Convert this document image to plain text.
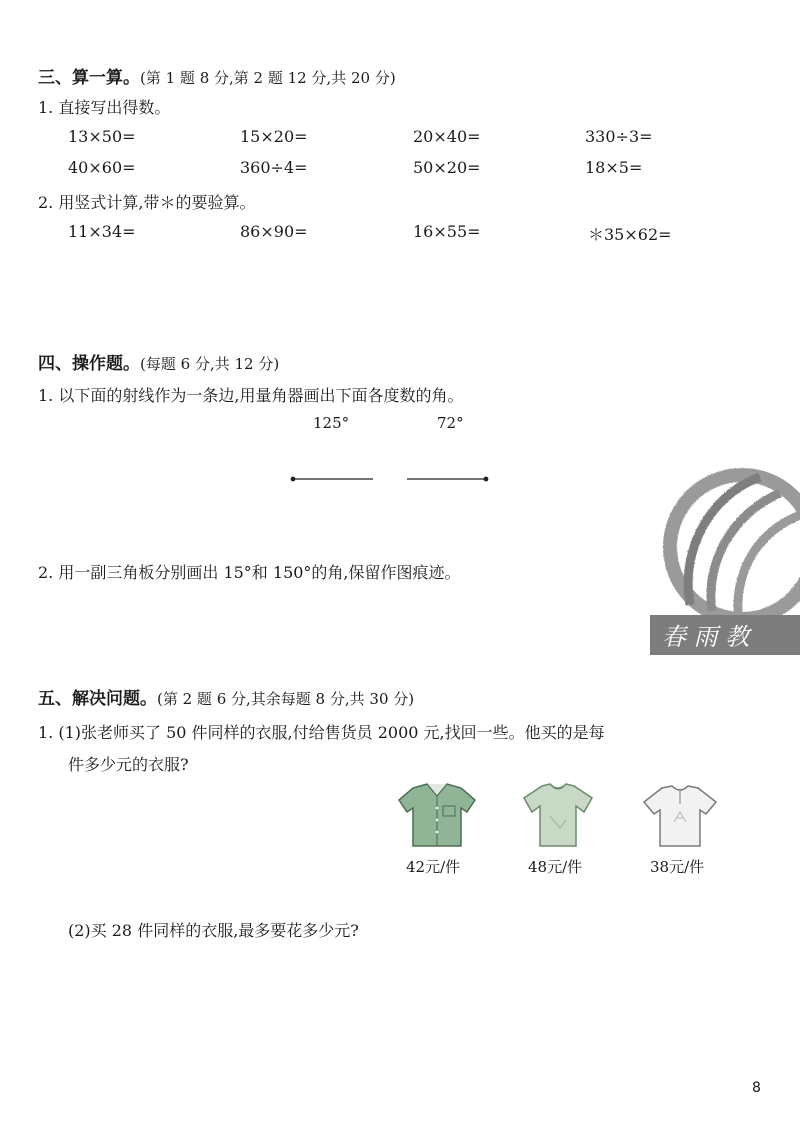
三、算一算。(第 1 题 8 分,第 2 题 12 分,共 20 分)
1. 直接写出得数。
13×50=	15×20=	20×40=	330÷3=
40×60=	360÷4=	50×20=	18×5=
2. 用竖式计算,带＊的要验算。
11×34=	86×90=	16×55=	＊35×62=
四、操作题。(每题 6 分,共 12 分)
1. 以下面的射线作为一条边,用量角器画出下面各度数的角。
125°	72°
2. 用一副三角板分别画出 15°和 150°的角,保留作图痕迹。
春 雨 教
五、解决问题。(第 2 题 6 分,其余每题 8 分,共 30 分)
1. (1)张老师买了 50 件同样的衣服,付给售货员 2000 元,找回一些。他买的是每
件多少元的衣服?
42元/件	48元/件	38元/件
(2)买 28 件同样的衣服,最多要花多少元?
8
